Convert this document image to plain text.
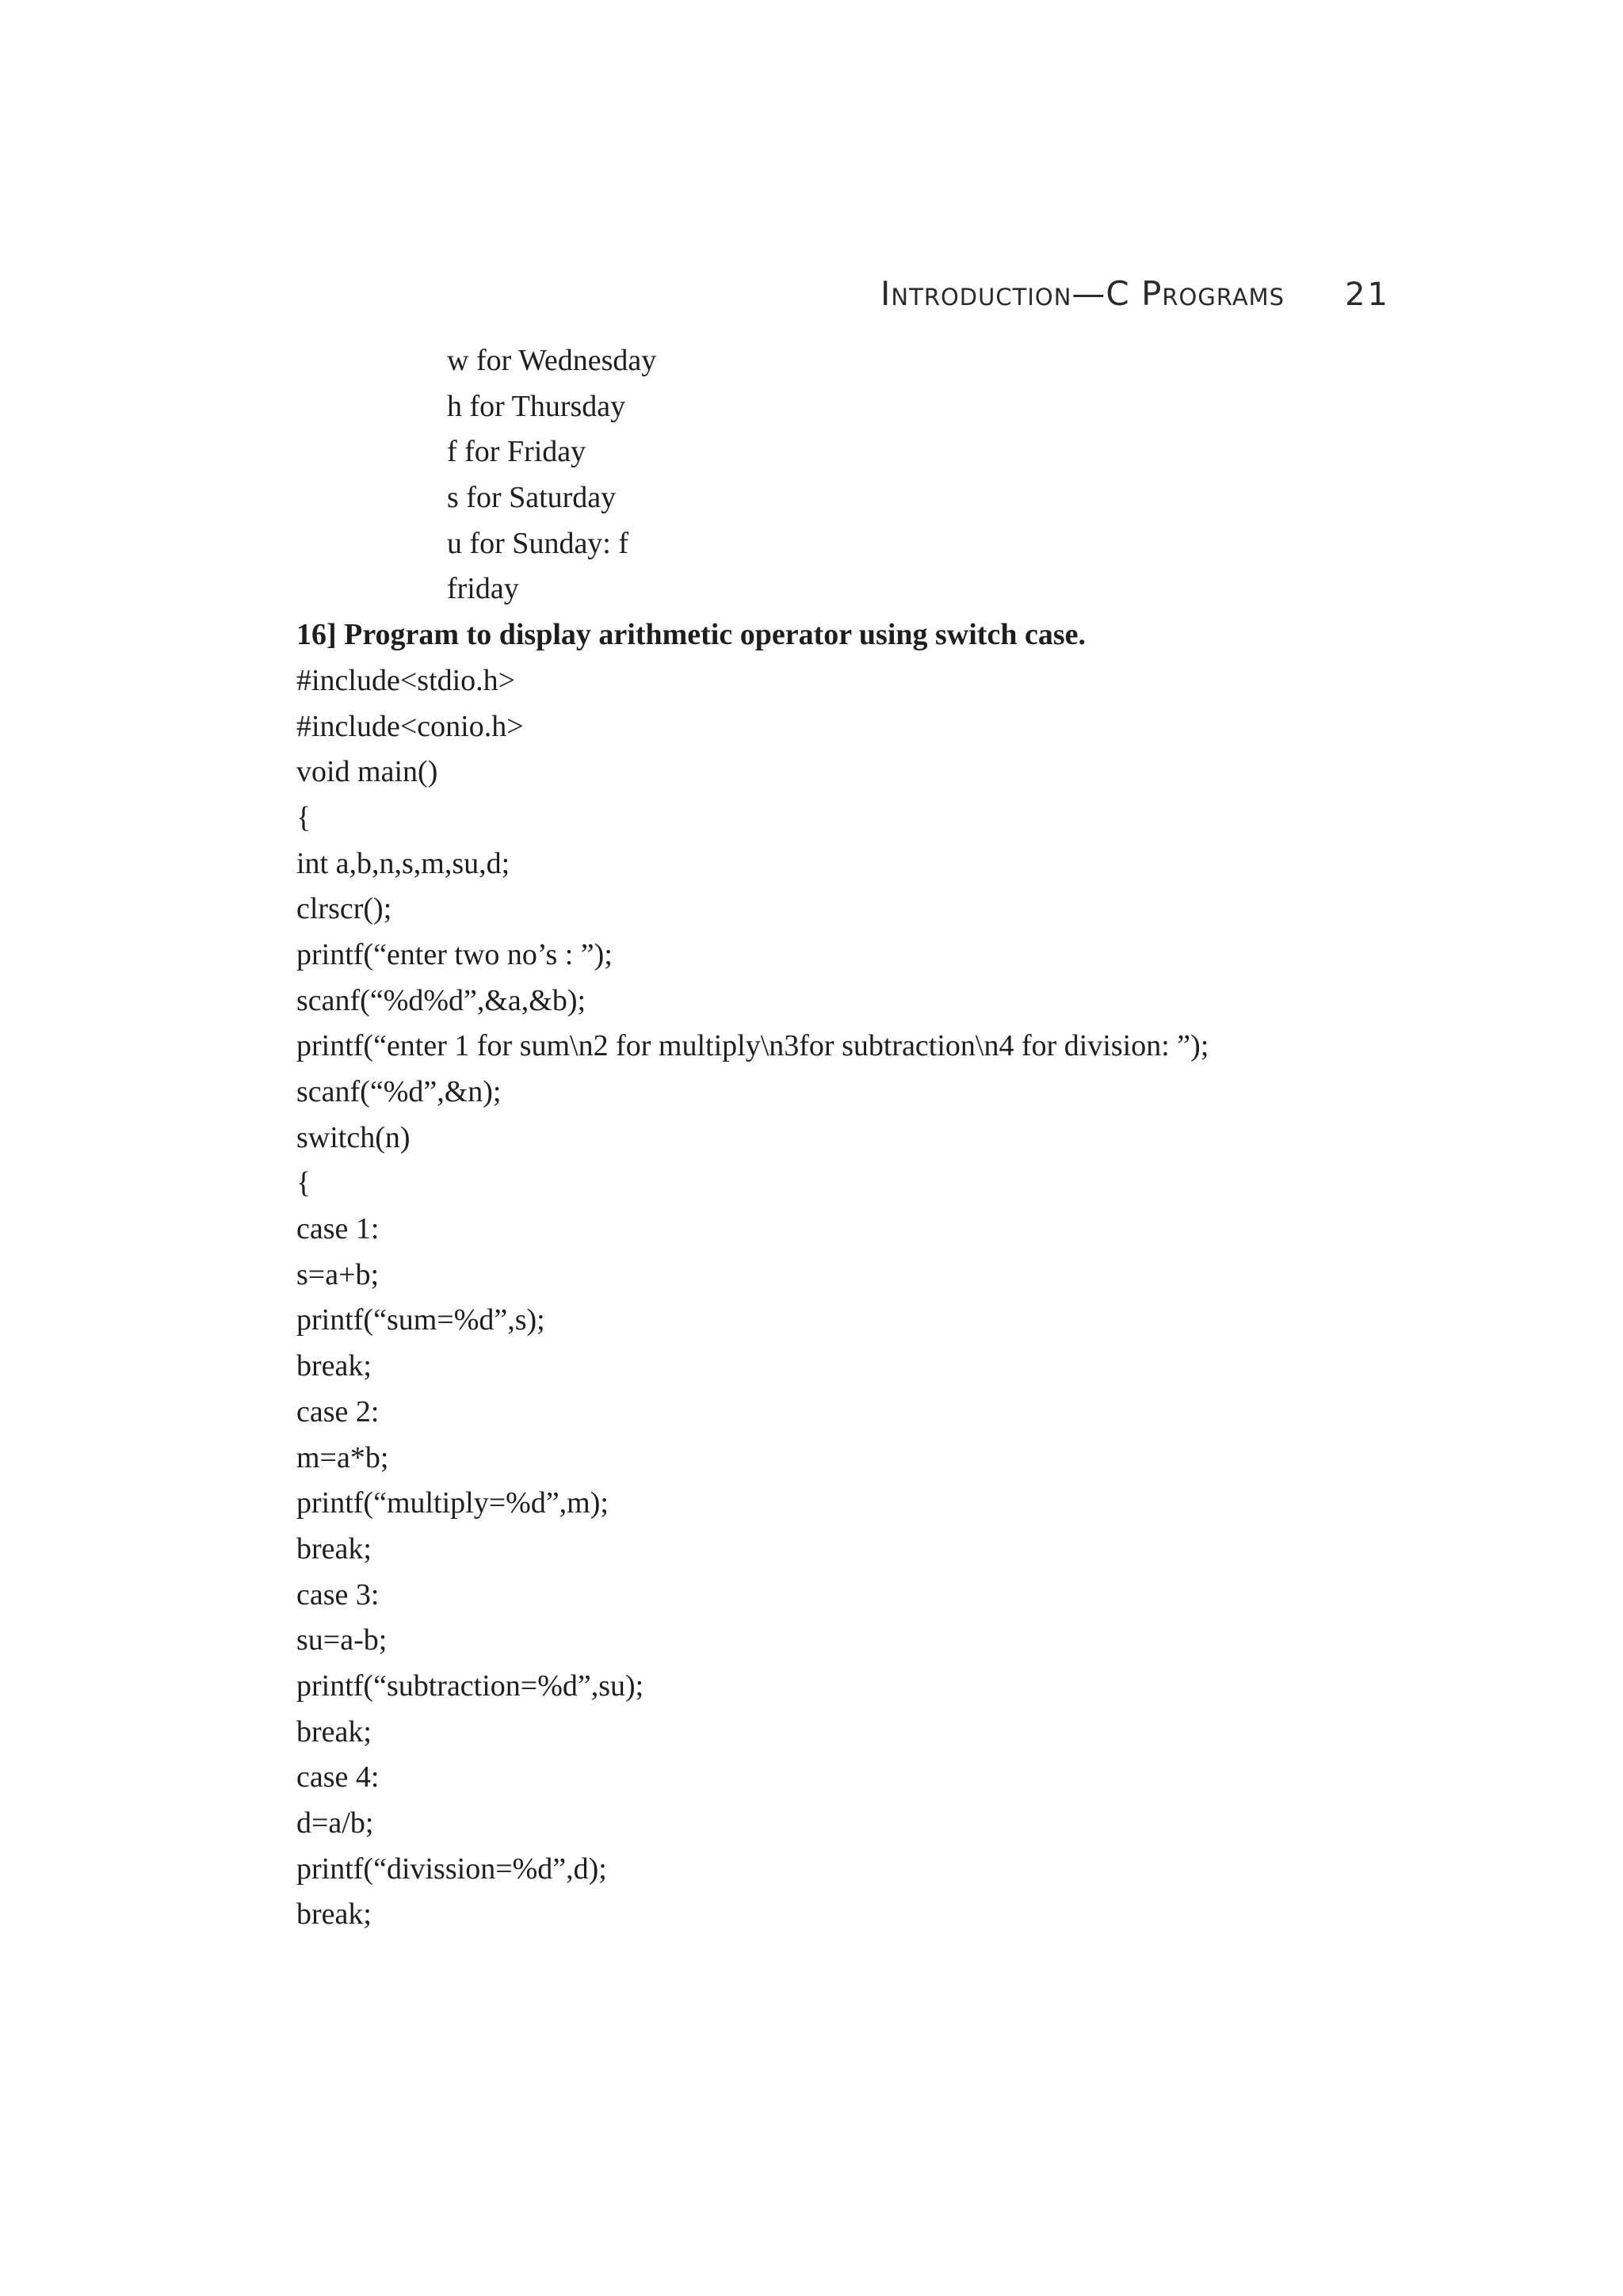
Introduction—C Programs 21
w for Wednesday
h for Thursday
f for Friday
s for Saturday
u for Sunday: f
friday
16] Program to display arithmetic operator using switch case.
#include<stdio.h>
#include<conio.h>
void main()
{
int a,b,n,s,m,su,d;
clrscr();
printf(“enter two no’s : ”);
scanf(“%d%d”,&a,&b);
printf(“enter 1 for sum\n2 for multiply\n3for subtraction\n4 for division: ”);
scanf(“%d”,&n);
switch(n)
{
case 1:
s=a+b;
printf(“sum=%d”,s);
break;
case 2:
m=a*b;
printf(“multiply=%d”,m);
break;
case 3:
su=a-b;
printf(“subtraction=%d”,su);
break;
case 4:
d=a/b;
printf(“divission=%d”,d);
break;
